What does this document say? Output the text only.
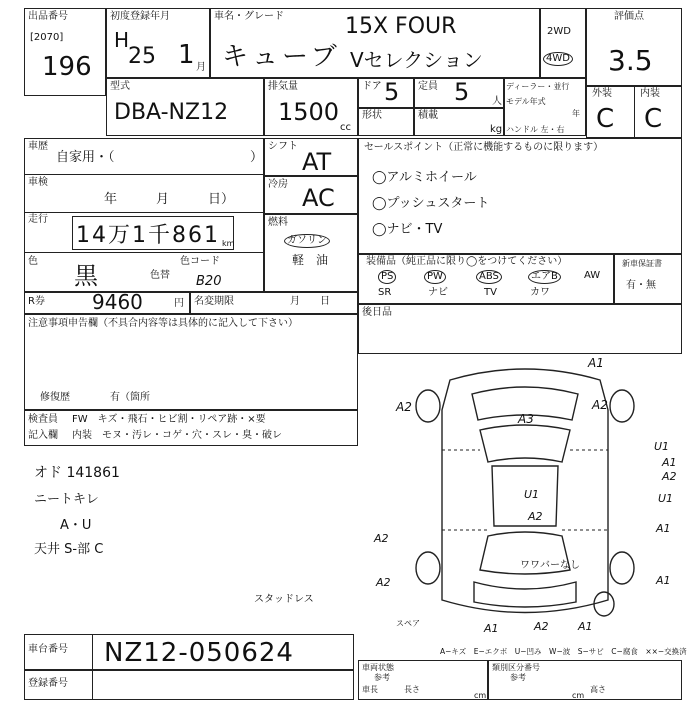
出品番号
[2070]
196
初度登録年月
H
25 1 月
車名・グレード
キューブ
15X FOUR
Vセレクション
2WD
4WD
評価点
3.5
外装	内装
C C
型式
DBA-NZ12
排気量
1500
cc
ドア 5 定員 5 人
形状	積載
kg
ディーラー・並行
モデル年式
年
ハンドル 左・右
車歴
自家用・（	）
車検
年　　　月　　　日）
走行
14万1千861 km
色
黒	色替
色コード
B20
R券 9460	円 名変期限	月　　日
シフト
AT
冷房 AC
燃料
ガソリン
軽　油
セールスポイント（正常に機能するものに限ります）
◯アルミホイール
◯プッシュスタート
◯ナビ・TV
装備品（純正品に限り◯をつけてください）
PS	PW	ABS	エアB	AW
SR	ナビ	TV	カワ
新車保証書
有・無
後日品
注意事項申告欄（不具合内容等は具体的に記入して下さい）
修復歴	有（箇所
検査員
記入欄
FW　キズ・飛石・ヒビ割・リペア跡・×要
内装　モヌ・汚レ・コゲ・穴・スレ・臭・破レ
オド 141861
ニートキレ
A・U
天井 S-部 C
スタッドレス
A1
A2
A3
U1
A2
U1
A2
U1
A2
A2
A2
A1
A2
A1	A1
A1
A1
ワワバーなし
スペア
A−キズ　E−エクボ　U−凹み　W−波　S−サビ　C−腐食　××−交換済
車台番号 NZ12-050624
登録番号
車両状態
参考
車長	長さ
cm
類別区分番号
参考
高さ
cm
